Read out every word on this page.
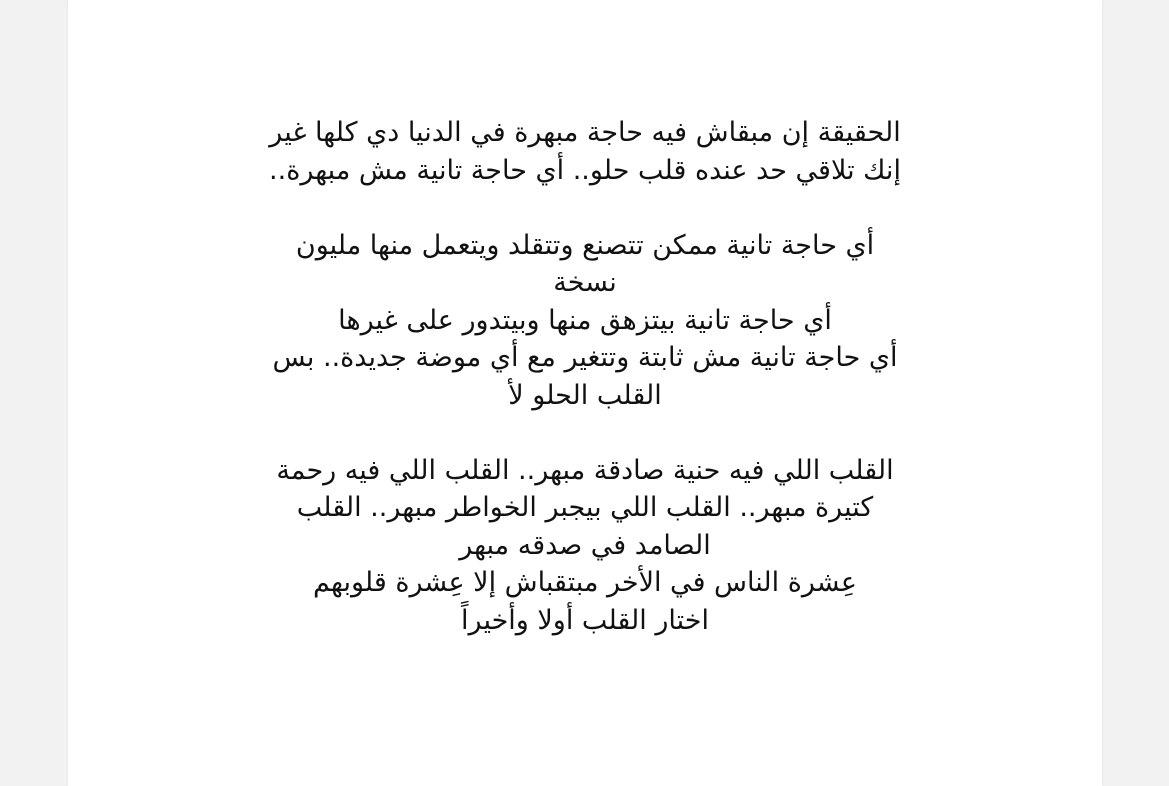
الحقيقة إن مبقاش فيه حاجة مبهرة في الدنيا دي كلها غير
إنك تلاقي حد عنده قلب حلو.. أي حاجة تانية مش مبهرة..

أي حاجة تانية ممكن تتصنع وتتقلد ويتعمل منها مليون
نسخة
أي حاجة تانية بيتزهق منها وبيتدور على غيرها
أي حاجة تانية مش ثابتة وتتغير مع أي موضة جديدة.. بس
القلب الحلو لأ

القلب اللي فيه حنية صادقة مبهر.. القلب اللي فيه رحمة
كتيرة مبهر.. القلب اللي بيجبر الخواطر مبهر.. القلب
الصامد في صدقه مبهر
عِشرة الناس في الأخر مبتقباش إلا عِشرة قلوبهم
اختار القلب أولا وأخيراً
